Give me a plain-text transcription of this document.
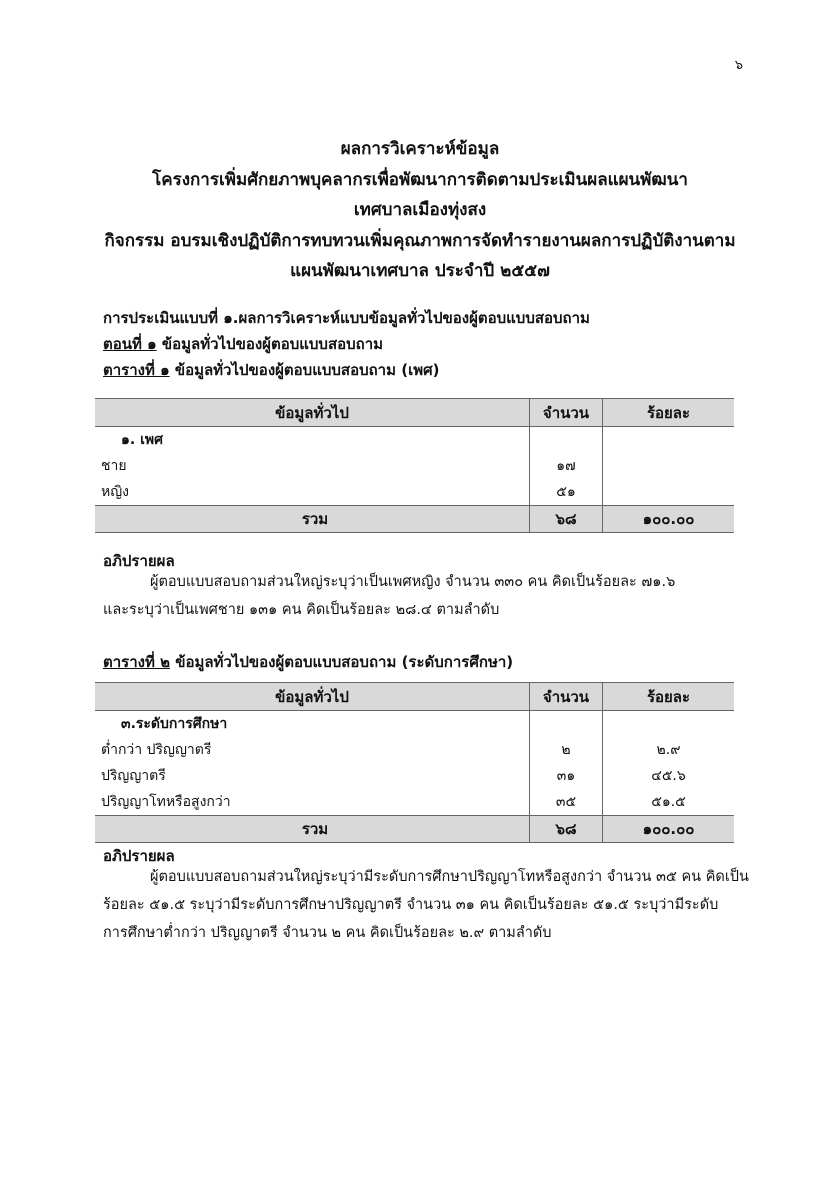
๖
ผลการวิเคราะห์ข้อมูล
โครงการเพิ่มศักยภาพบุคลากรเพื่อพัฒนาการติดตามประเมินผลแผนพัฒนา
เทศบาลเมืองทุ่งสง
กิจกรรม อบรมเชิงปฏิบัติการทบทวนเพิ่มคุณภาพการจัดทำรายงานผลการปฏิบัติงานตาม
แผนพัฒนาเทศบาล ประจำปี ๒๕๕๗
การประเมินแบบที่ ๑.ผลการวิเคราะห์แบบข้อมูลทั่วไปของผู้ตอบแบบสอบถาม
ตอนที่ ๑ ข้อมูลทั่วไปของผู้ตอบแบบสอบถาม
ตารางที่ ๑ ข้อมูลทั่วไปของผู้ตอบแบบสอบถาม (เพศ)
ข้อมูลทั่วไป	จำนวน	ร้อยละ
๑. เพศ		
ชาย	๑๗	
หญิง	๕๑	
รวม	๖๘	๑๐๐.๐๐
อภิปรายผล
ผู้ตอบแบบสอบถามส่วนใหญ่ระบุว่าเป็นเพศหญิง จำนวน ๓๓๐ คน คิดเป็นร้อยละ ๗๑.๖
และระบุว่าเป็นเพศชาย ๑๓๑ คน คิดเป็นร้อยละ ๒๘.๔ ตามลำดับ
ตารางที่ ๒ ข้อมูลทั่วไปของผู้ตอบแบบสอบถาม (ระดับการศึกษา)
ข้อมูลทั่วไป	จำนวน	ร้อยละ
๓.ระดับการศึกษา		
ต่ำกว่า ปริญญาตรี	๒	๒.๙
ปริญญาตรี	๓๑	๔๕.๖
ปริญญาโทหรือสูงกว่า	๓๕	๕๑.๕
รวม	๖๘	๑๐๐.๐๐
อภิปรายผล
ผู้ตอบแบบสอบถามส่วนใหญ่ระบุว่ามีระดับการศึกษาปริญญาโทหรือสูงกว่า จำนวน ๓๕ คน คิดเป็น
ร้อยละ ๕๑.๕ ระบุว่ามีระดับการศึกษาปริญญาตรี จำนวน ๓๑ คน คิดเป็นร้อยละ ๕๑.๕ ระบุว่ามีระดับ
การศึกษาต่ำกว่า ปริญญาตรี จำนวน ๒ คน คิดเป็นร้อยละ ๒.๙ ตามลำดับ
